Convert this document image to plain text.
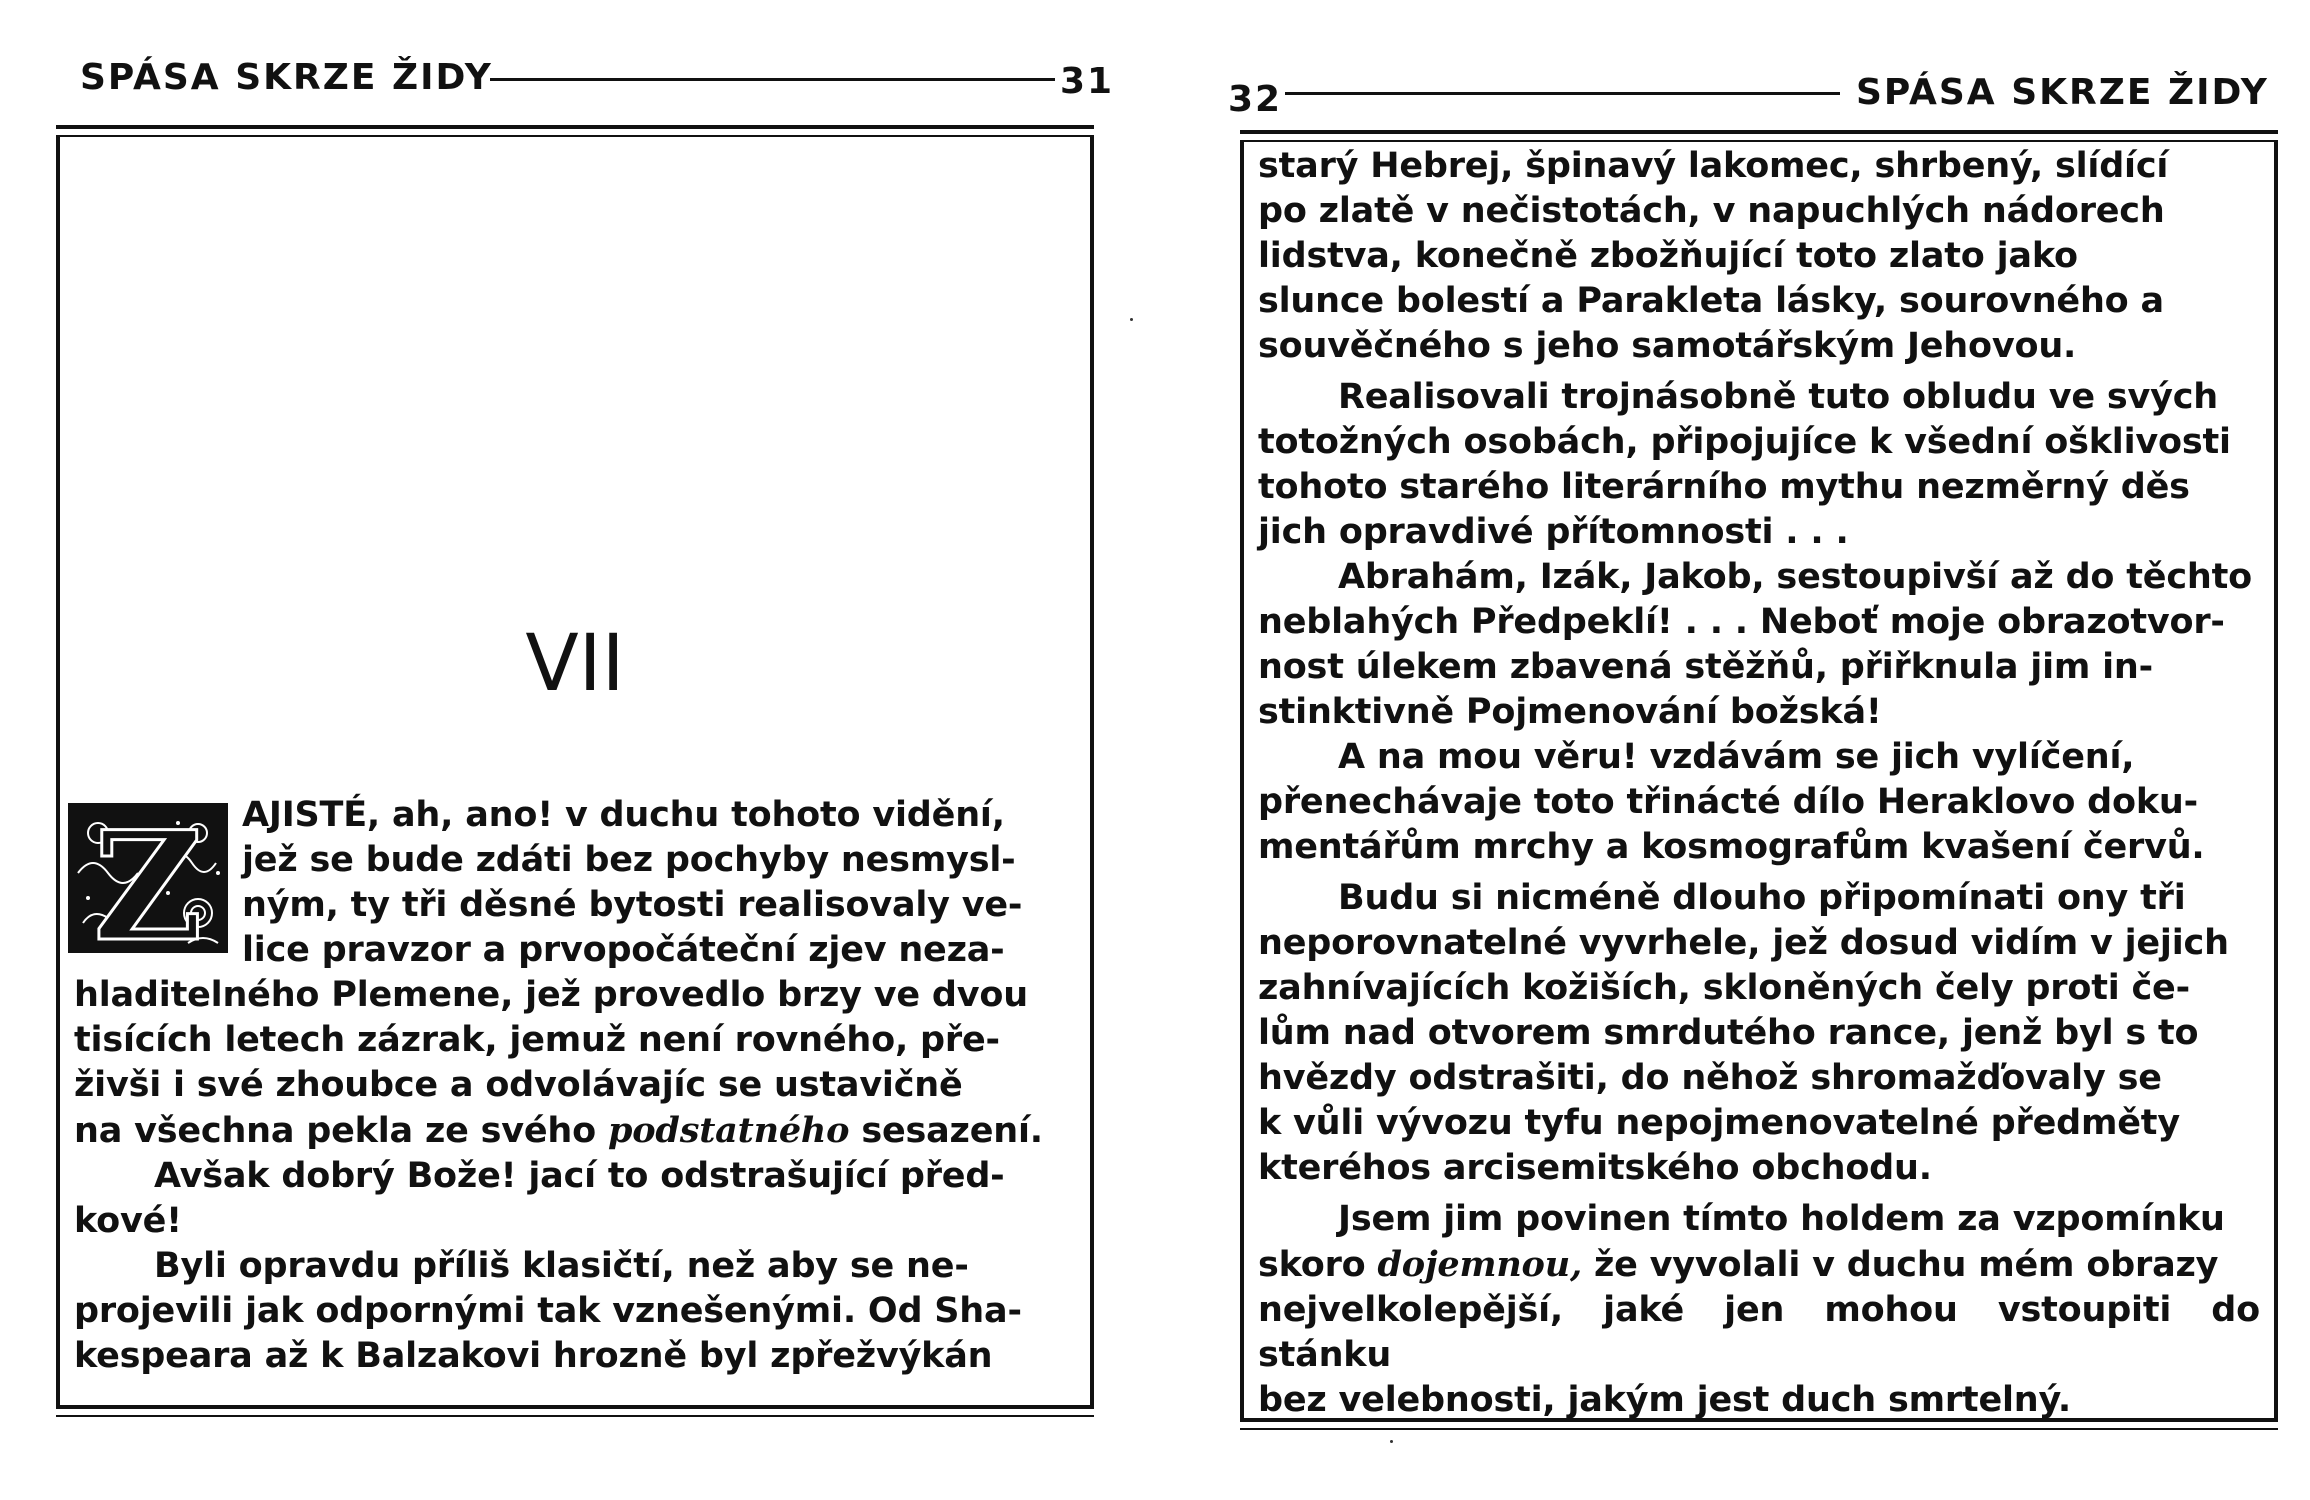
SPÁSA SKRZE ŽIDY	31
VII
Z	AJISTÉ, ah, ano! v duchu tohoto vidění,

jež se bude zdáti bez pochyby nesmysl-

ným, ty tři děsné bytosti realisovaly ve-

lice pravzor a prvopočáteční zjev neza-

hladitelného Plemene, jež provedlo brzy ve dvou

tisících letech zázrak, jemuž není rovného, pře-

živši i své zhoubce a odvolávajíc se ustavičně

na všechna pekla ze svého podstatného sesazení.

Avšak dobrý Bože! jací to odstrašující před-

kové!

Byli opravdu příliš klasičtí, než aby se ne-

projevili jak odpornými tak vznešenými. Od Sha-

kespeara až k Balzakovi hrozně byl zpřežvýkán

32	SPÁSA SKRZE ŽIDY

starý Hebrej, špinavý lakomec, shrbený, slídící

po zlatě v nečistotách, v napuchlých nádorech

lidstva, konečně zbožňující toto zlato jako

slunce bolestí a Parakleta lásky, sourovného a

souvěčného s jeho samotářským Jehovou.

Realisovali trojnásobně tuto obludu ve svých

totožných osobách, připojujíce k všední ošklivosti

tohoto starého literárního mythu nezměrný děs

jich opravdivé přítomnosti . . .

Abrahám, Izák, Jakob, sestoupivší až do těchto

neblahých Předpeklí! . . . Neboť moje obrazotvor-

nost úlekem zbavená stěžňů, přiřknula jim in-

stinktivně Pojmenování božská!

A na mou věru! vzdávám se jich vylíčení,

přenechávaje toto třinácté dílo Heraklovo doku-

mentářům mrchy a kosmografům kvašení červů.

Budu si nicméně dlouho připomínati ony tři

neporovnatelné vyvrhele, jež dosud vidím v jejich

zahnívajících kožiších, skloněných čely proti če-

lům nad otvorem smrdutého rance, jenž byl s to

hvězdy odstrašiti, do něhož shromažďovaly se

k vůli vývozu tyfu nepojmenovatelné předměty

kteréhos arcisemitského obchodu.

Jsem jim povinen tímto holdem za vzpomínku

skoro dojemnou, že vyvolali v duchu mém obrazy

nejvelkolepější, jaké jen mohou vstoupiti do stánku

bez velebnosti, jakým jest duch smrtelný.
